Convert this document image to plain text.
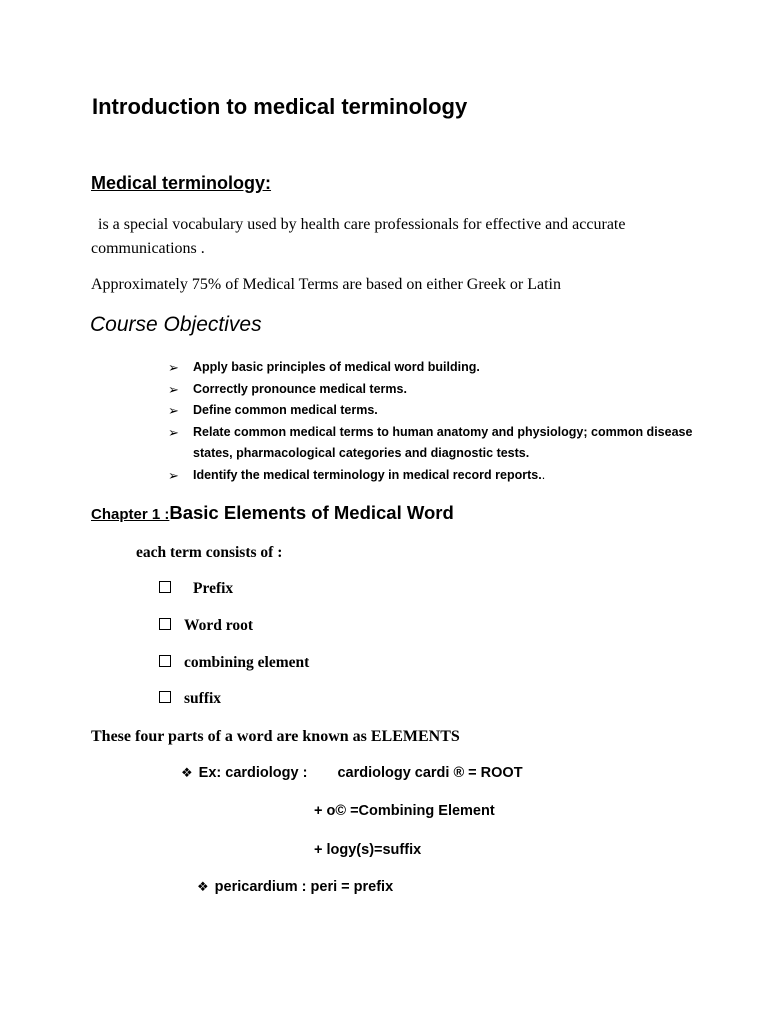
Introduction to medical terminology
Medical terminology:
is a special vocabulary used by health care professionals for effective and accurate communications .
Approximately 75% of Medical Terms are based on either Greek or Latin
Course Objectives
➢ Apply basic principles of medical word building.
➢ Correctly pronounce medical terms.
➢ Define common medical terms.
➢ Relate common medical terms to human anatomy and physiology; common disease states, pharmacological categories and diagnostic tests.
➢ Identify the medical terminology in medical record reports..
Chapter 1 :Basic Elements of Medical Word
each term consists of :
Prefix
Word root
combining element
suffix
These four parts of a word are known as ELEMENTS
❖ Ex: cardiology : cardiology cardi ® = ROOT
+ o© =Combining Element
+ logy(s)=suffix
❖ pericardium : peri = prefix
